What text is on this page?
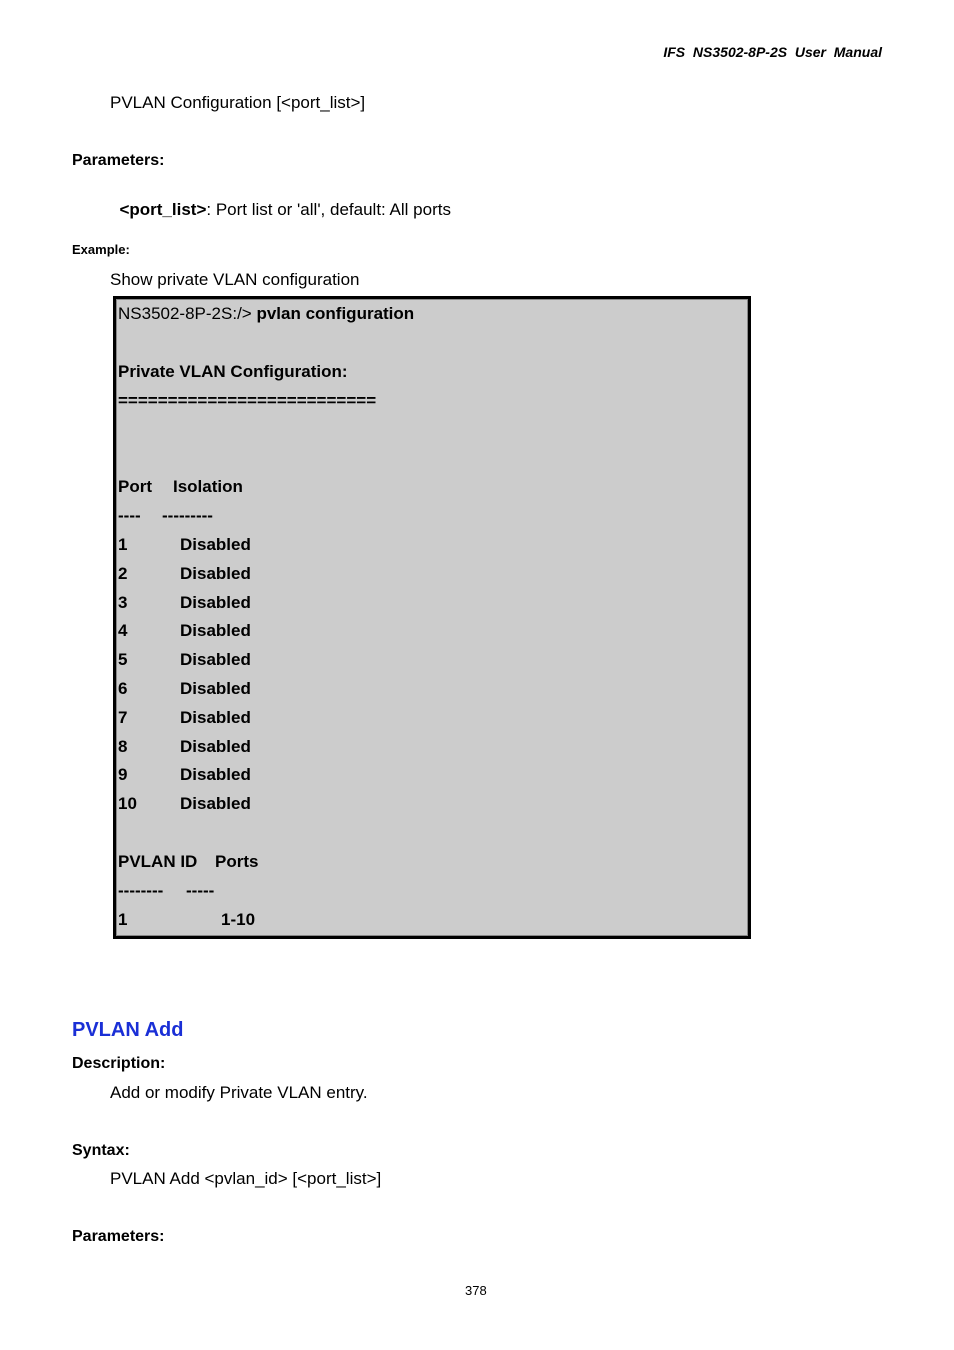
IFS  NS3502-8P-2S  User  Manual
PVLAN Configuration [<port_list>]
Parameters:

<port_list>: Port list or 'all', default: All ports

Example:
Show private VLAN configuration
NS3502-8P-2S:/> pvlan configuration
Private VLAN Configuration:
==========================
Port Isolation
---- ---------
1	Disabled
2	Disabled
3	Disabled
4	Disabled
5	Disabled
6	Disabled
7	Disabled
8	Disabled
9	Disabled
10	Disabled
PVLAN ID Ports
-------- -----
1	1-10
PVLAN Add
Description:
Add or modify Private VLAN entry.
Syntax:
PVLAN Add <pvlan_id> [<port_list>]
Parameters:
378
